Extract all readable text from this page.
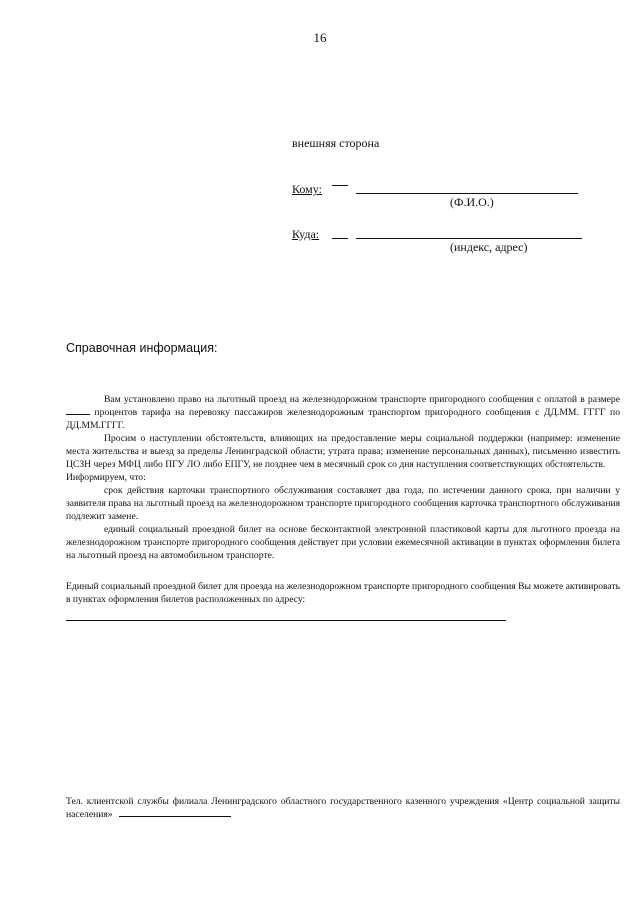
16
внешняя сторона
Кому:
(Ф.И.О.)
Куда:
(индекс, адрес)
Справочная информация:

Вам установлено право на льготный проезд на железнодорожном транспорте пригородного сообщения с оплатой в размере  процентов тарифа на перевозку пассажиров железнодорожным транспортом пригородного сообщения с ДД.ММ. ГГГГ по ДД.ММ.ГГГГ.

Просим о наступлении обстоятельств, влияющих на предоставление меры социальной поддержки (например: изменение места жительства и выезд за пределы Ленинградской области; утрата права; изменение персональных данных), письменно известить ЦСЗН через МФЦ либо ПГУ ЛО либо ЕПГУ, не позднее чем в месячный срок со дня наступления соответствующих обстоятельств.

Информируем, что:

срок действия карточки транспортного обслуживания составляет два года, по истечении данного срока, при наличии у заявителя права на льготный проезд на железнодорожном транспорте пригородного сообщения карточка транспортного обслуживания подлежит замене.

единый социальный проездной билет на основе бесконтактной электронной пластиковой карты для льготного проезда на железнодорожном транспорте пригородного сообщения действует при условии ежемесячной активации в пунктах оформления билета на льготный проезд на автомобильном транспорте.

Единый социальный проездной билет для проезда на железнодорожном транспорте пригородного сообщения Вы можете активировать в пунктах оформления билетов расположенных по адресу:
Тел. клиентской службы филиала Ленинградского областного государственного казенного учреждения «Центр социальной защиты населения»
